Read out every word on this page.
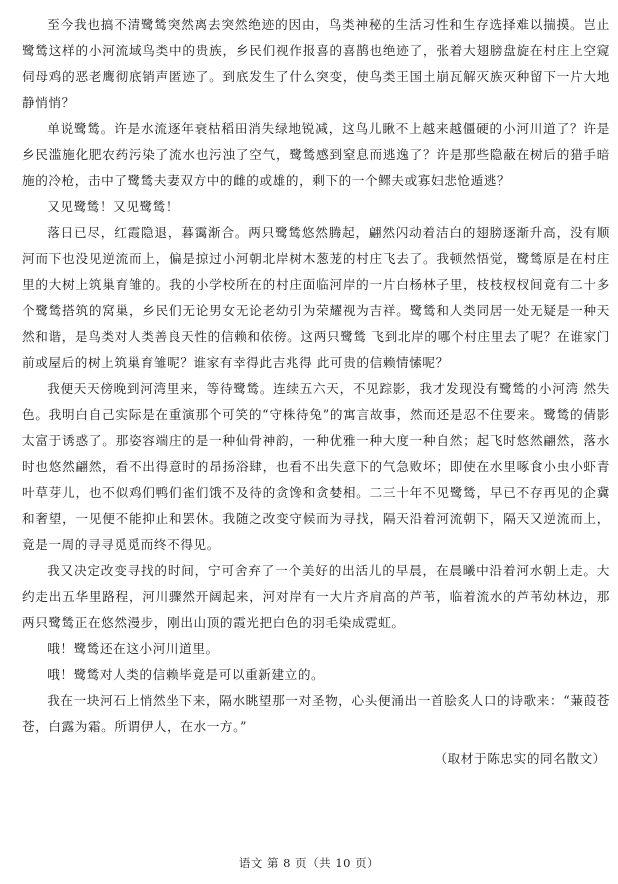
至今我也搞不清鹭鸶突然离去突然绝迹的因由，鸟类神秘的生活习性和生存选择难以揣摸。岂止鹭鸶这样的小河流域鸟类中的贵族，乡民们视作报喜的喜鹊也绝迹了，张着大翅膀盘旋在村庄上空窥伺母鸡的恶老鹰彻底销声匿迹了。到底发生了什么突变，使鸟类王国土崩瓦解灭族灭种留下一片大地静悄悄？

单说鹭鸶。许是水流逐年衰枯稻田消失绿地锐减，这鸟儿瞅不上越来越僵硬的小河川道了？许是乡民滥施化肥农药污染了流水也污浊了空气，鹭鸶感到窒息而逃逸了？许是那些隐蔽在树后的猎手暗施的冷枪，击中了鹭鸶夫妻双方中的雌的或雄的，剩下的一个鳏夫或寡妇悲怆遁逃？

又见鹭鸶！又见鹭鸶！

落日已尽，红霞隐退，暮霭渐合。两只鹭鸶悠然腾起，翩然闪动着洁白的翅膀逐渐升高，没有顺河而下也没见逆流而上，偏是掠过小河朝北岸树木葱茏的村庄飞去了。我顿然悟觉，鹭鸶原是在村庄里的大树上筑巢育雏的。我的小学校所在的村庄面临河岸的一片白杨林子里，枝枝杈杈间竟有二十多个鹭鸶搭筑的窝巢，乡民们无论男女无论老幼引为荣耀视为吉祥。鹭鸶和人类同居一处无疑是一种天然和谐，是鸟类对人类善良天性的信赖和依傍。这两只鹭鸶 飞到北岸的哪个村庄里去了呢？在谁家门前或屋后的树上筑巢育雏呢？谁家有幸得此吉兆得 此可贵的信赖情愫呢？

我便天天傍晚到河湾里来，等待鹭鸶。连续五六天，不见踪影，我才发现没有鹭鸶的小河湾 然失色。我明白自己实际是在重演那个可笑的“守株待兔”的寓言故事，然而还是忍不住要来。鹭鸶的倩影太富于诱惑了。那姿容端庄的是一种仙骨神韵，一种优雅一种大度一种自然；起飞时悠然翩然，落水时也悠然翩然，看不出得意时的昂扬浴肆，也看不出失意下的气急败坏；即使在水里啄食小虫小虾青叶草芽儿，也不似鸡们鸭们雀们饿不及待的贪馋和贪婪相。二三十年不见鹭鸶，早已不存再见的企冀和奢望，一见便不能抑止和罢休。我随之改变守候而为寻找，隔天沿着河流朝下，隔天又逆流而上，竟是一周的寻寻觅觅而终不得见。

我又决定改变寻找的时间，宁可舍弃了一个美好的出活儿的早晨，在晨曦中沿着河水朝上走。大约走出五华里路程，河川骤然开阔起来，河对岸有一大片齐肩高的芦苇，临着流水的芦苇幼林边，那两只鹭鸶正在悠然漫步，刚出山顶的霞光把白色的羽毛染成霓虹。

哦！鹭鸶还在这小河川道里。

哦！鹭鸶对人类的信赖毕竟是可以重新建立的。

我在一块河石上悄然坐下来，隔水眺望那一对圣物，心头便涌出一首脍炙人口的诗歌来：“蒹葭苍苍，白露为霜。所谓伊人，在水一方。”

（取材于陈忠实的同名散文）

语文 第 8 页（共 10 页）
